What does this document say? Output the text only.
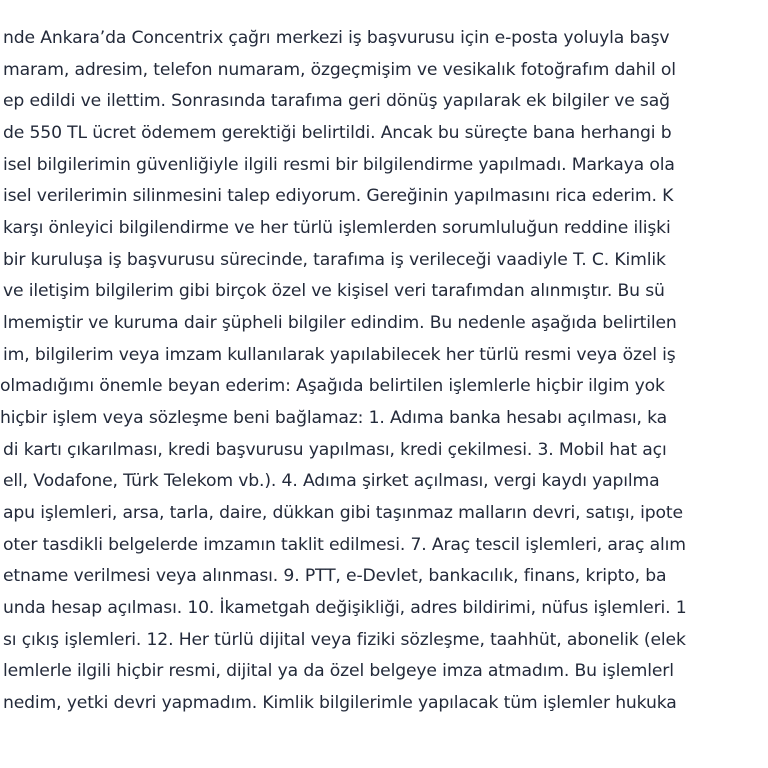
nde Ankara’da Concentrix çağrı merkezi iş başvurusu için e-posta yoluyla başv
maram, adresim, telefon numaram, özgeçmişim ve vesikalık fotoğrafım dahil ol
ep edildi ve ilettim. Sonrasında tarafıma geri dönüş yapılarak ek bilgiler ve sağ
de 550 TL ücret ödemem gerektiği belirtildi. Ancak bu süreçte bana herhangi b
isel bilgilerimin güvenliğiyle ilgili resmi bir bilgilendirme yapılmadı. Markaya ola
isel verilerimin silinmesini talep ediyorum. Gereğinin yapılmasını rica ederim. K
karşı önleyici bilgilendirme ve her türlü işlemlerden sorumluluğun reddine ilişki
bir kuruluşa iş başvurusu sürecinde, tarafıma iş verileceği vaadiyle T. C. Kimlik
ve iletişim bilgilerim gibi birçok özel ve kişisel veri tarafımdan alınmıştır. Bu sü
lmemiştir ve kuruma dair şüpheli bilgiler edindim. Bu nedenle aşağıda belirtilen
im, bilgilerim veya imzam kullanılarak yapılabilecek her türlü resmi veya özel iş
olmadığımı önemle beyan ederim: Aşağıda belirtilen işlemlerle hiçbir ilgim yok
hiçbir işlem veya sözleşme beni bağlamaz: 1. Adıma banka hesabı açılması, ka
di kartı çıkarılması, kredi başvurusu yapılması, kredi çekilmesi. 3. Mobil hat açı
ell, Vodafone, Türk Telekom vb.). 4. Adıma şirket açılması, vergi kaydı yapılma
apu işlemleri, arsa, tarla, daire, dükkan gibi taşınmaz malların devri, satışı, ipote
oter tasdikli belgelerde imzamın taklit edilmesi. 7. Araç tescil işlemleri, araç alım
etname verilmesi veya alınması. 9. PTT, e-Devlet, bankacılık, finans, kripto, ba
unda hesap açılması. 10. İkametgah değişikliği, adres bildirimi, nüfus işlemleri. 1
sı çıkış işlemleri. 12. Her türlü dijital veya fiziki sözleşme, taahhüt, abonelik (elek
lemlerle ilgili hiçbir resmi, dijital ya da özel belgeye imza atmadım. Bu işlemlerl
nedim, yetki devri yapmadım. Kimlik bilgilerimle yapılacak tüm işlemler hukuka
